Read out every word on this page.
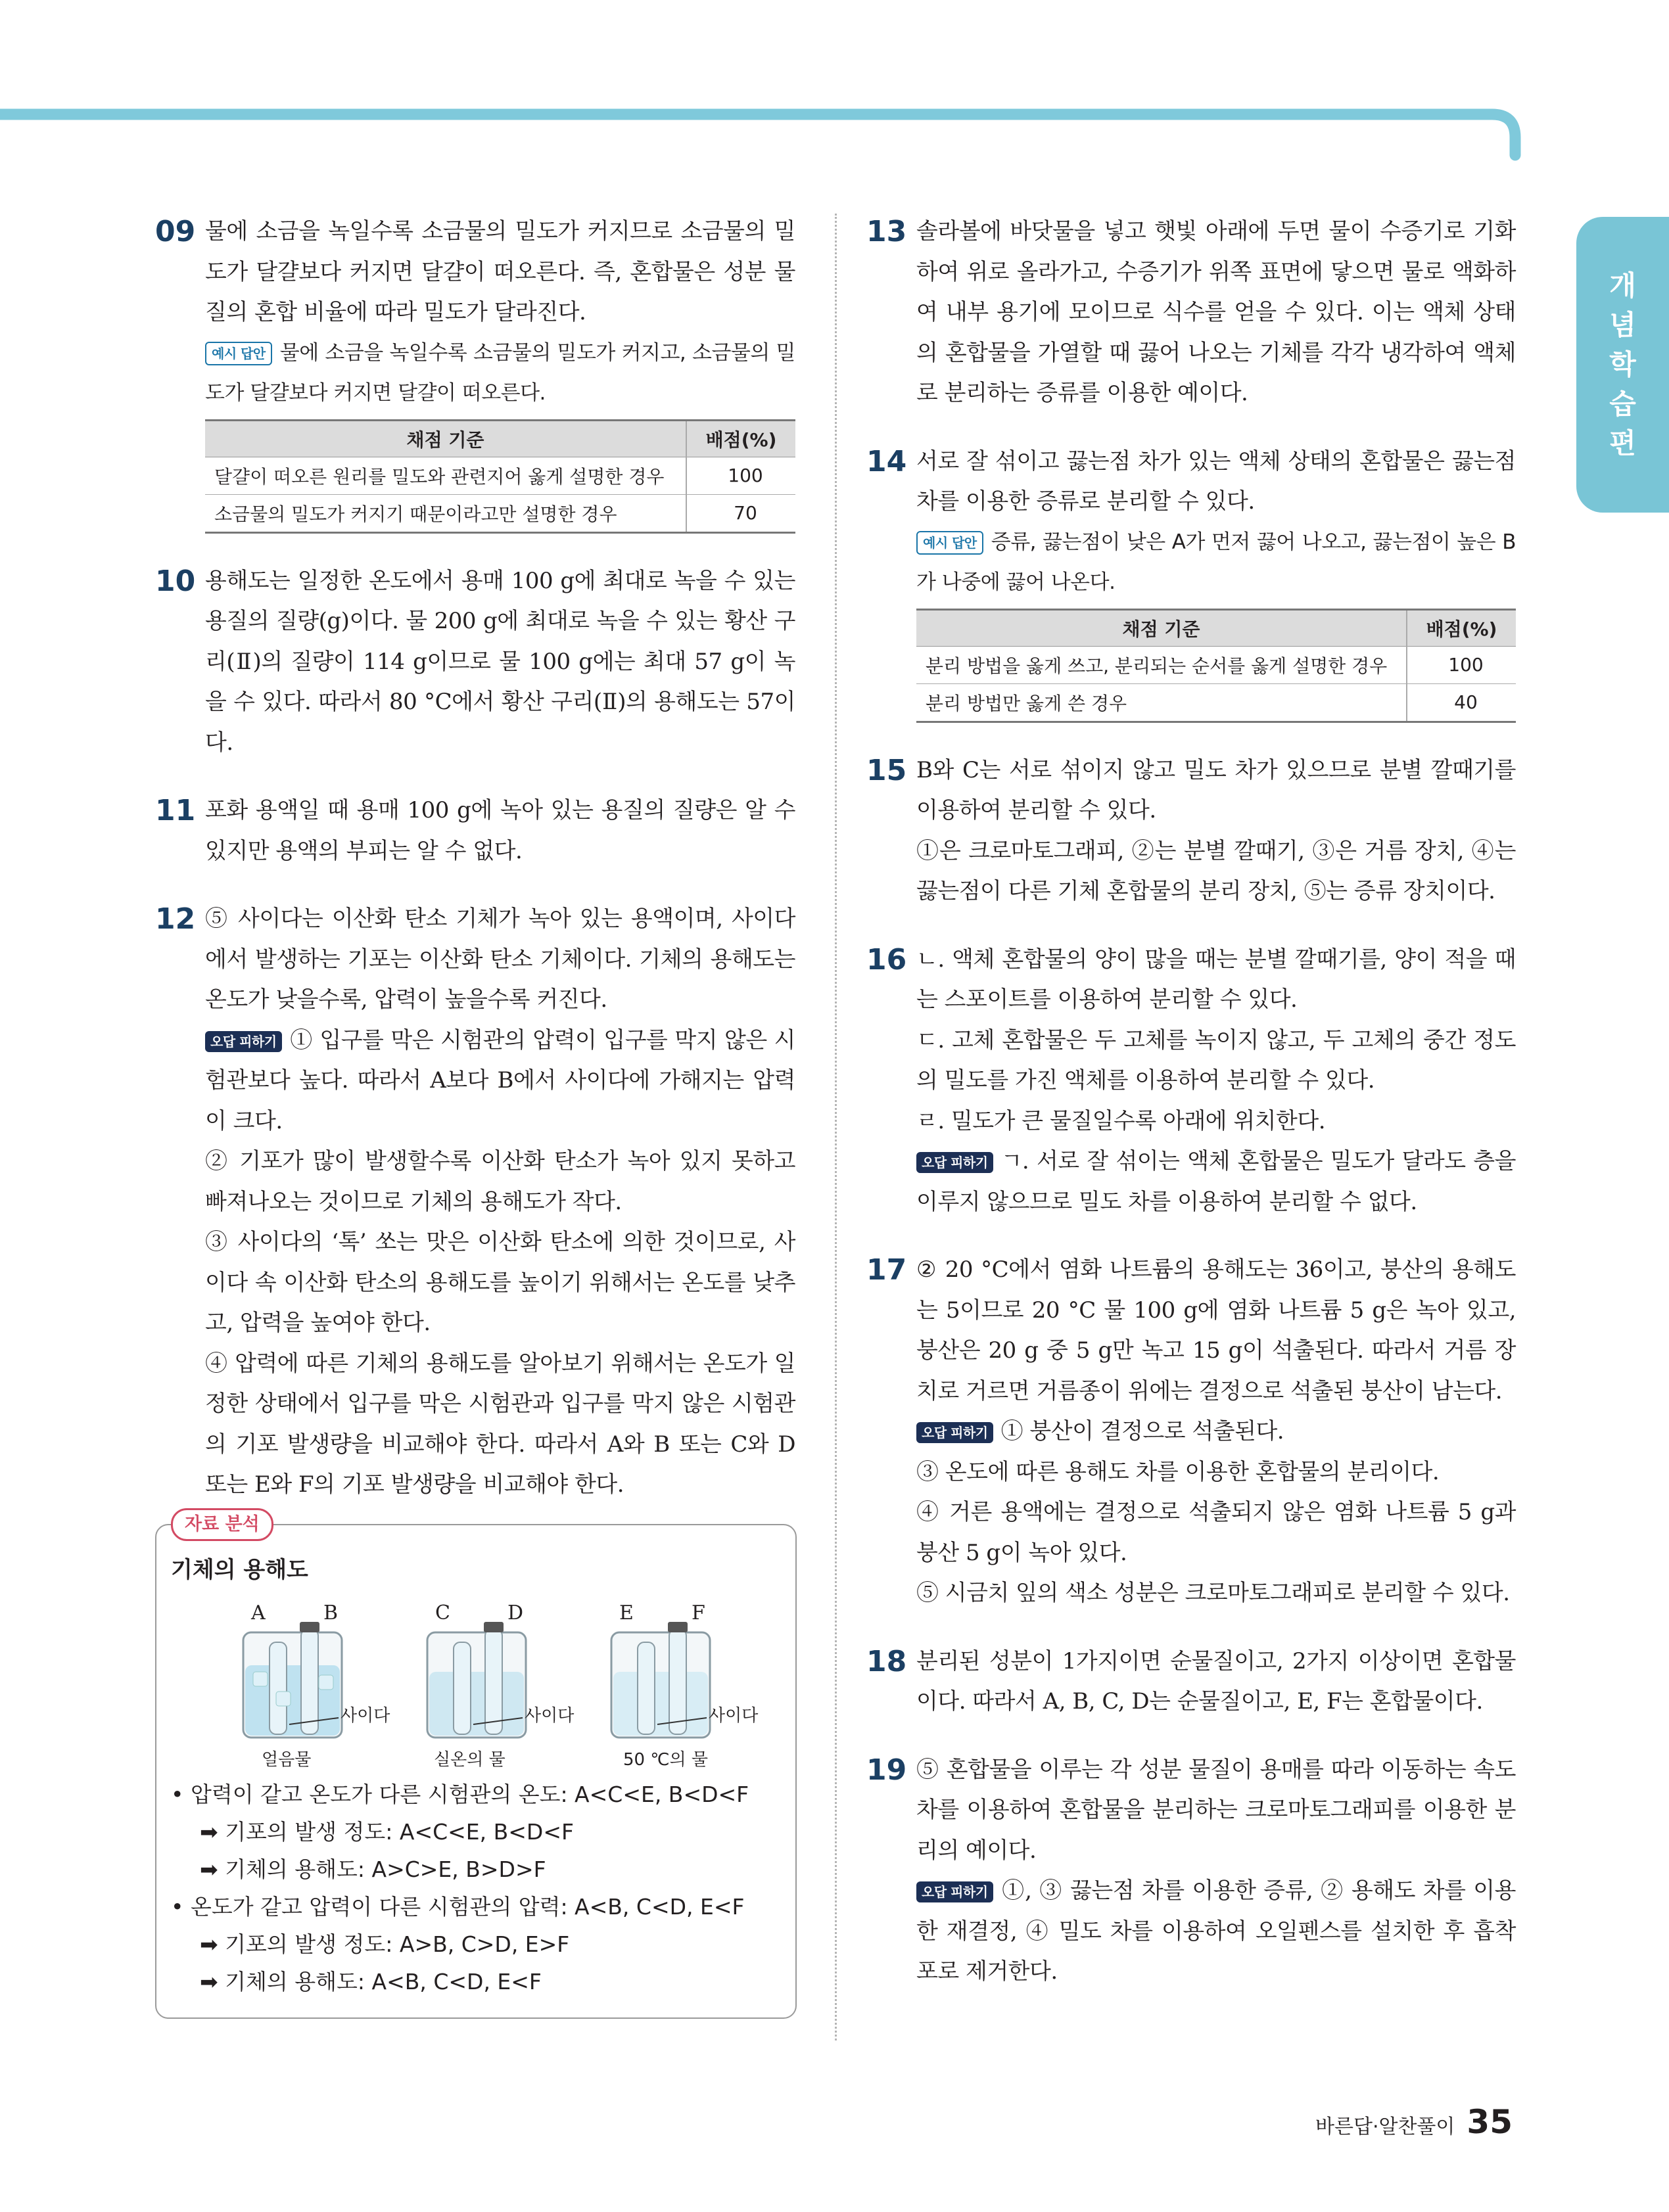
개
념
학
습
편
09 물에 소금을 녹일수록 소금물의 밀도가 커지므로 소금물의 밀도가 달걀보다 커지면 달걀이 떠오른다. 즉, 혼합물은 성분 물질의 혼합 비율에 따라 밀도가 달라진다.

예시 답안 물에 소금을 녹일수록 소금물의 밀도가 커지고, 소금물의 밀도가 달걀보다 커지면 달걀이 떠오른다.

채점 기준	배점(%)
달걀이 떠오른 원리를 밀도와 관련지어 옳게 설명한 경우	100
소금물의 밀도가 커지기 때문이라고만 설명한 경우	70
10 용해도는 일정한 온도에서 용매 100 g에 최대로 녹을 수 있는 용질의 질량(g)이다. 물 200 g에 최대로 녹을 수 있는 황산 구리(Ⅱ)의 질량이 114 g이므로 물 100 g에는 최대 57 g이 녹을 수 있다. 따라서 80 °C에서 황산 구리(Ⅱ)의 용해도는 57이다.

11 포화 용액일 때 용매 100 g에 녹아 있는 용질의 질량은 알 수 있지만 용액의 부피는 알 수 없다.

12 ⑤ 사이다는 이산화 탄소 기체가 녹아 있는 용액이며, 사이다에서 발생하는 기포는 이산화 탄소 기체이다. 기체의 용해도는 온도가 낮을수록, 압력이 높을수록 커진다.

오답 피하기 ① 입구를 막은 시험관의 압력이 입구를 막지 않은 시험관보다 높다. 따라서 A보다 B에서 사이다에 가해지는 압력이 크다.

② 기포가 많이 발생할수록 이산화 탄소가 녹아 있지 못하고 빠져나오는 것이므로 기체의 용해도가 작다.

③ 사이다의 ‘톡’ 쏘는 맛은 이산화 탄소에 의한 것이므로, 사이다 속 이산화 탄소의 용해도를 높이기 위해서는 온도를 낮추고, 압력을 높여야 한다.

④ 압력에 따른 기체의 용해도를 알아보기 위해서는 온도가 일정한 상태에서 입구를 막은 시험관과 입구를 막지 않은 시험관의 기포 발생량을 비교해야 한다. 따라서 A와 B 또는 C와 D 또는 E와 F의 기포 발생량을 비교해야 한다.

자료 분석

기체의 용해도

A	B	C	D	E	F
사이다	사이다	사이다
얼음물	실온의 물	50 ℃의 물
• 압력이 같고 온도가 다른 시험관의 온도: A<C<E, B<D<F
➡ 기포의 발생 정도: A<C<E, B<D<F
➡ 기체의 용해도: A>C>E, B>D>F
• 온도가 같고 압력이 다른 시험관의 압력: A<B, C<D, E<F
➡ 기포의 발생 정도: A>B, C>D, E>F
➡ 기체의 용해도: A<B, C<D, E<F
13 솔라볼에 바닷물을 넣고 햇빛 아래에 두면 물이 수증기로 기화하여 위로 올라가고, 수증기가 위쪽 표면에 닿으면 물로 액화하여 내부 용기에 모이므로 식수를 얻을 수 있다. 이는 액체 상태의 혼합물을 가열할 때 끓어 나오는 기체를 각각 냉각하여 액체로 분리하는 증류를 이용한 예이다.

14 서로 잘 섞이고 끓는점 차가 있는 액체 상태의 혼합물은 끓는점 차를 이용한 증류로 분리할 수 있다.

예시 답안 증류, 끓는점이 낮은 A가 먼저 끓어 나오고, 끓는점이 높은 B가 나중에 끓어 나온다.

채점 기준	배점(%)
분리 방법을 옳게 쓰고, 분리되는 순서를 옳게 설명한 경우	100
분리 방법만 옳게 쓴 경우	40
15 B와 C는 서로 섞이지 않고 밀도 차가 있으므로 분별 깔때기를 이용하여 분리할 수 있다.

①은 크로마토그래피, ②는 분별 깔때기, ③은 거름 장치, ④는 끓는점이 다른 기체 혼합물의 분리 장치, ⑤는 증류 장치이다.

16 ㄴ. 액체 혼합물의 양이 많을 때는 분별 깔때기를, 양이 적을 때는 스포이트를 이용하여 분리할 수 있다.

ㄷ. 고체 혼합물은 두 고체를 녹이지 않고, 두 고체의 중간 정도의 밀도를 가진 액체를 이용하여 분리할 수 있다.

ㄹ. 밀도가 큰 물질일수록 아래에 위치한다.

오답 피하기 ㄱ. 서로 잘 섞이는 액체 혼합물은 밀도가 달라도 층을 이루지 않으므로 밀도 차를 이용하여 분리할 수 없다.

17 ② 20 °C에서 염화 나트륨의 용해도는 36이고, 붕산의 용해도는 5이므로 20 °C 물 100 g에 염화 나트륨 5 g은 녹아 있고, 붕산은 20 g 중 5 g만 녹고 15 g이 석출된다. 따라서 거름 장치로 거르면 거름종이 위에는 결정으로 석출된 붕산이 남는다.

오답 피하기 ① 붕산이 결정으로 석출된다.

③ 온도에 따른 용해도 차를 이용한 혼합물의 분리이다.

④ 거른 용액에는 결정으로 석출되지 않은 염화 나트륨 5 g과 붕산 5 g이 녹아 있다.

⑤ 시금치 잎의 색소 성분은 크로마토그래피로 분리할 수 있다.

18 분리된 성분이 1가지이면 순물질이고, 2가지 이상이면 혼합물이다. 따라서 A, B, C, D는 순물질이고, E, F는 혼합물이다.

19 ⑤ 혼합물을 이루는 각 성분 물질이 용매를 따라 이동하는 속도 차를 이용하여 혼합물을 분리하는 크로마토그래피를 이용한 분리의 예이다.

오답 피하기 ①, ③ 끓는점 차를 이용한 증류, ② 용해도 차를 이용한 재결정, ④ 밀도 차를 이용하여 오일펜스를 설치한 후 흡착포로 제거한다.

바른답·알찬풀이 35
